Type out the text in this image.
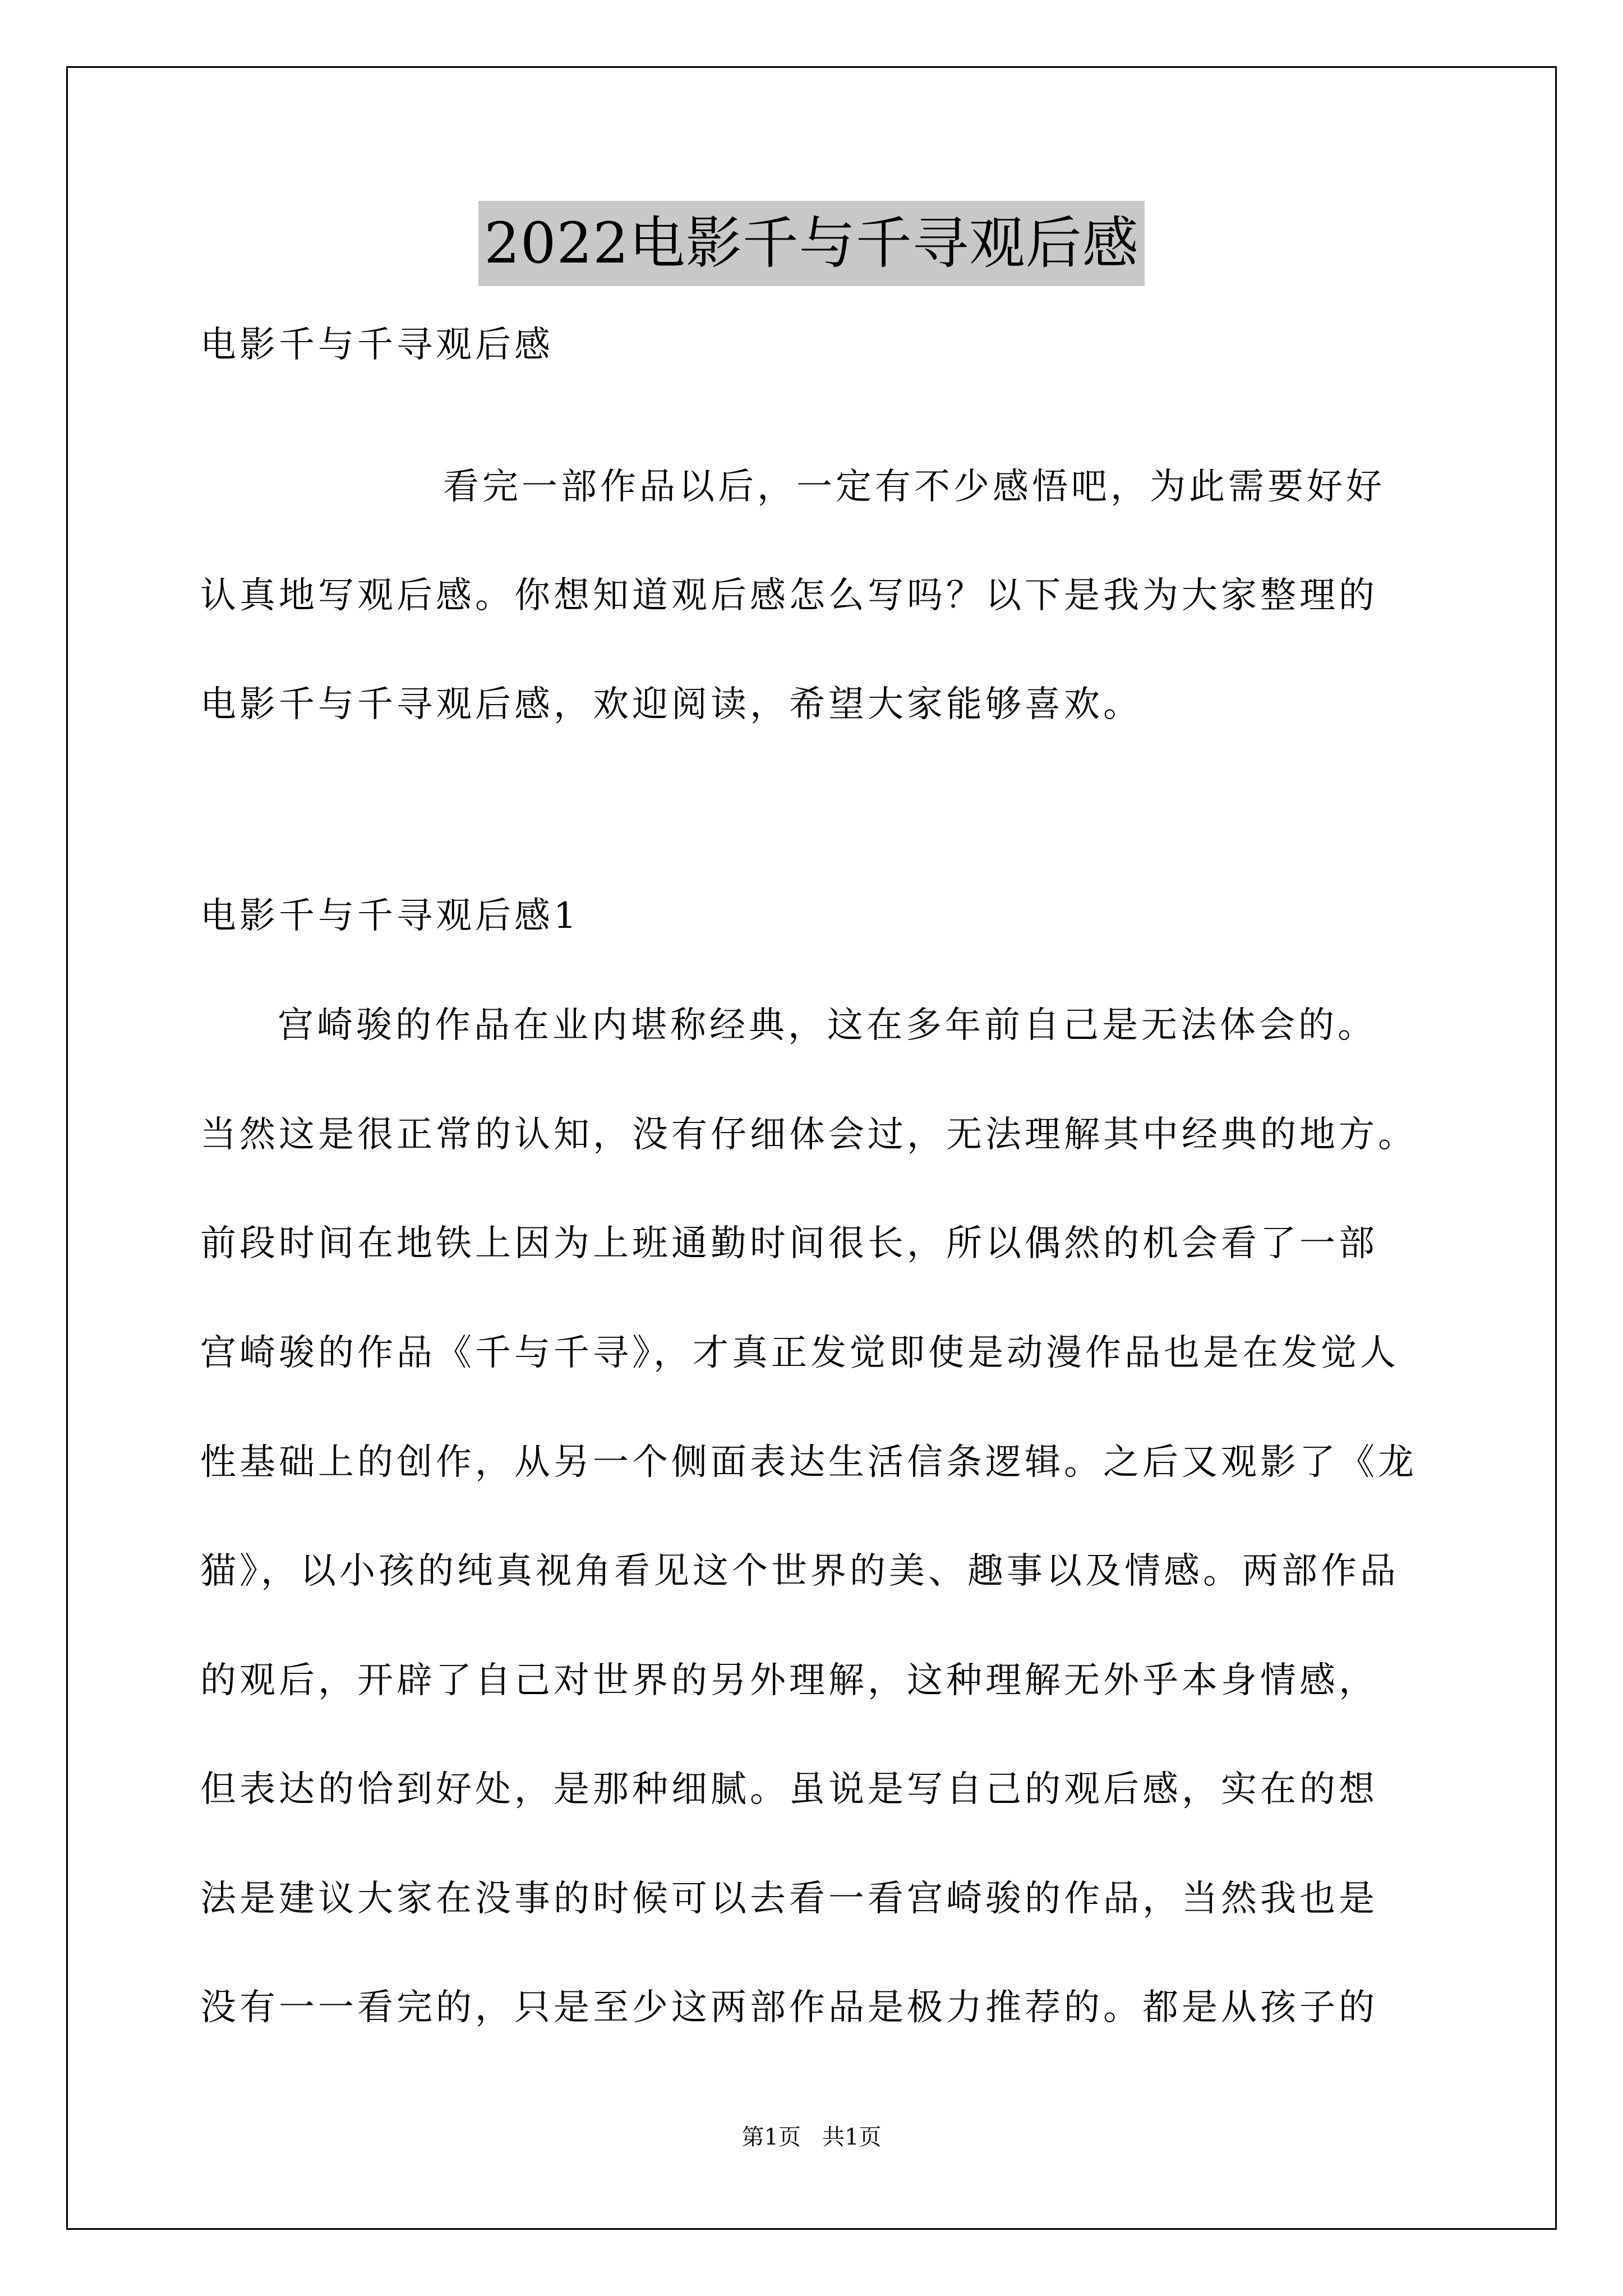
2022电影千与千寻观后感
电影千与千寻观后感
看完一部作品以后，一定有不少感悟吧，为此需要好好
认真地写观后感。你想知道观后感怎么写吗？以下是我为大家整理的
电影千与千寻观后感，欢迎阅读，希望大家能够喜欢。
电影千与千寻观后感1
宫崎骏的作品在业内堪称经典，这在多年前自己是无法体会的。
当然这是很正常的认知，没有仔细体会过，无法理解其中经典的地方。
前段时间在地铁上因为上班通勤时间很长，所以偶然的机会看了一部
宫崎骏的作品《千与千寻》，才真正发觉即使是动漫作品也是在发觉人
性基础上的创作，从另一个侧面表达生活信条逻辑。之后又观影了《龙
猫》，以小孩的纯真视角看见这个世界的美、趣事以及情感。两部作品
的观后，开辟了自己对世界的另外理解，这种理解无外乎本身情感，
但表达的恰到好处，是那种细腻。虽说是写自己的观后感，实在的想
法是建议大家在没事的时候可以去看一看宫崎骏的作品，当然我也是
没有一一看完的，只是至少这两部作品是极力推荐的。都是从孩子的
第1页   共1页
